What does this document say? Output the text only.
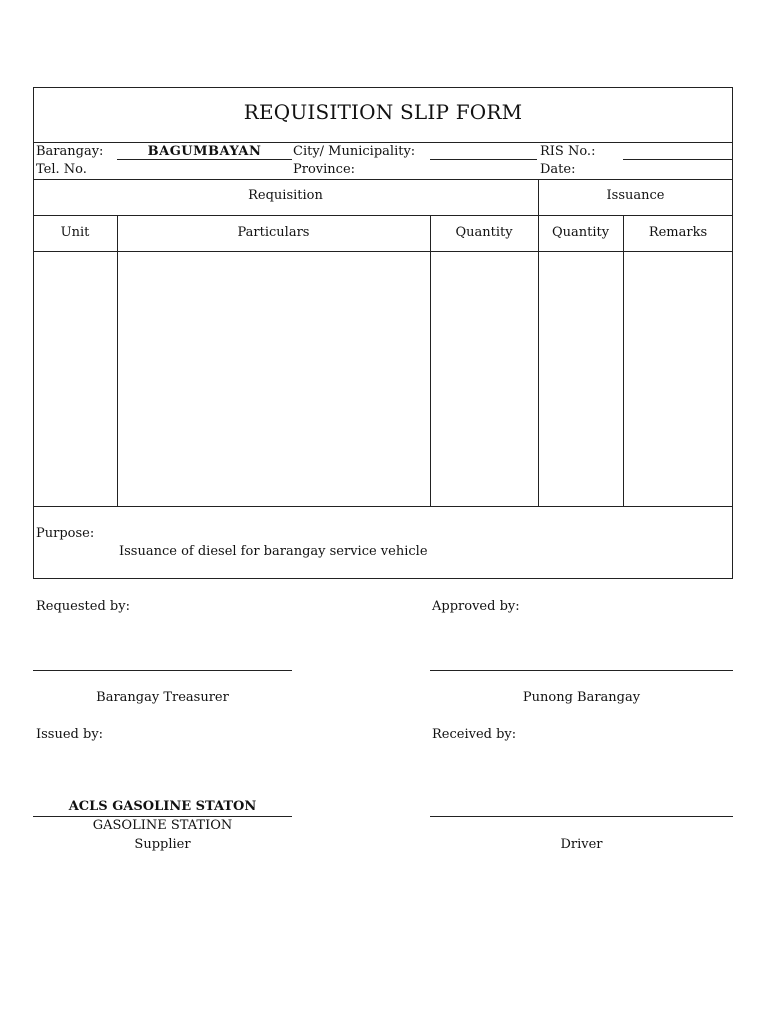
REQUISITION SLIP FORM
Barangay:	BAGUMBAYAN	City/ Municipality:	RIS No.:
Tel. No.	Province:	Date:
Requisition	Issuance
Unit	Particulars	Quantity	Quantity	Remarks
Purpose:
Issuance of diesel for barangay service vehicle
Requested by:	Approved by:
Barangay Treasurer	Punong Barangay
Issued by:	Received by:
ACLS GASOLINE STATON
GASOLINE STATION
Supplier	Driver
